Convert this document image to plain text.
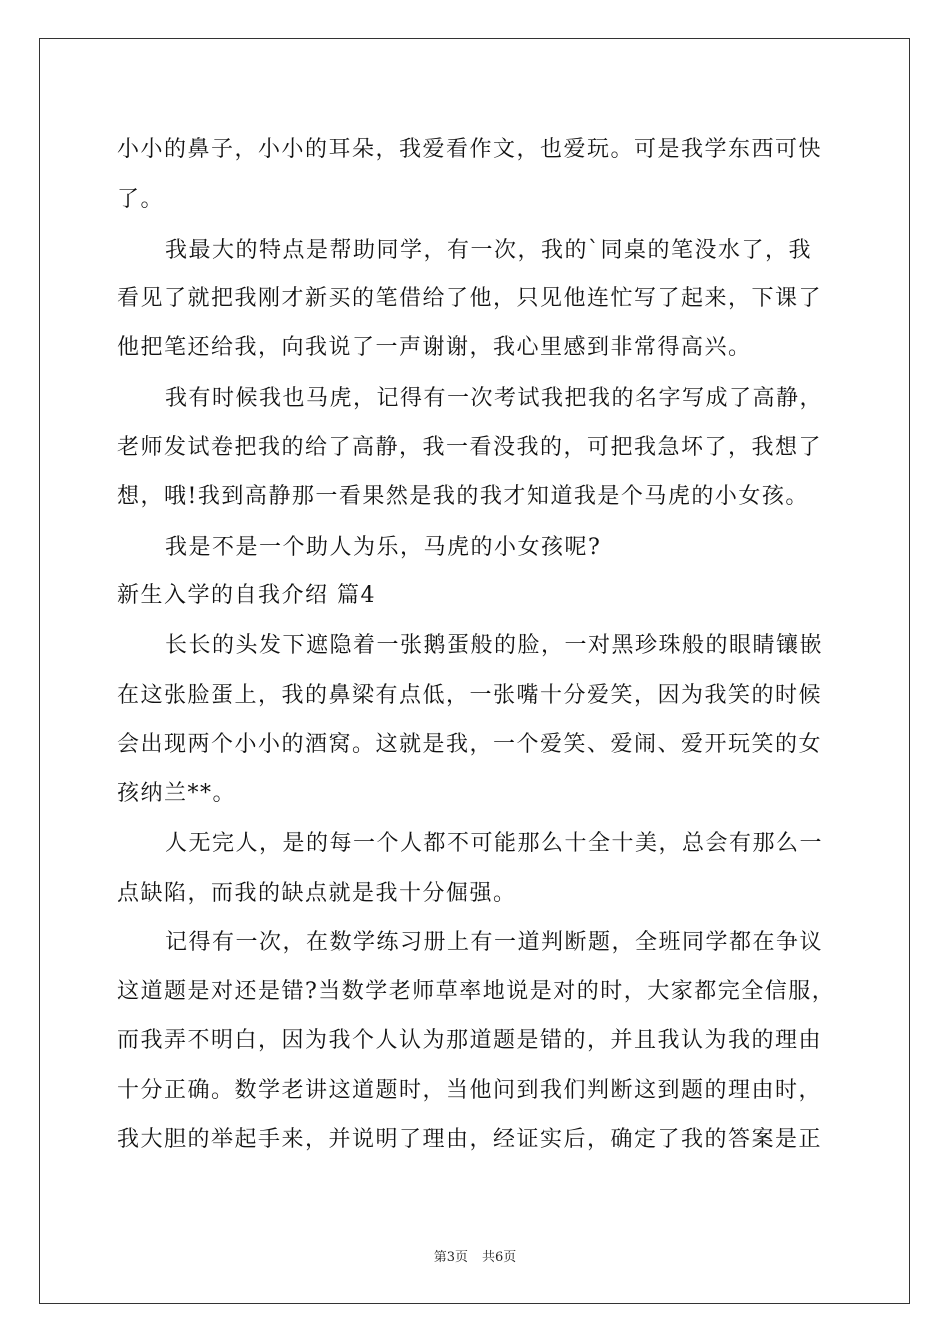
小小的鼻子，小小的耳朵，我爱看作文，也爱玩。可是我学东西可快
了。
我最大的特点是帮助同学，有一次，我的`同桌的笔没水了，我
看见了就把我刚才新买的笔借给了他，只见他连忙写了起来，下课了
他把笔还给我，向我说了一声谢谢，我心里感到非常得高兴。
我有时候我也马虎，记得有一次考试我把我的名字写成了高静，
老师发试卷把我的给了高静，我一看没我的，可把我急坏了，我想了
想，哦!我到高静那一看果然是我的我才知道我是个马虎的小女孩。
我是不是一个助人为乐，马虎的小女孩呢?
新生入学的自我介绍 篇4
长长的头发下遮隐着一张鹅蛋般的脸，一对黑珍珠般的眼睛镶嵌
在这张脸蛋上，我的鼻梁有点低，一张嘴十分爱笑，因为我笑的时候
会出现两个小小的酒窝。这就是我，一个爱笑、爱闹、爱开玩笑的女
孩纳兰**。
人无完人，是的每一个人都不可能那么十全十美，总会有那么一
点缺陷，而我的缺点就是我十分倔强。
记得有一次，在数学练习册上有一道判断题，全班同学都在争议
这道题是对还是错?当数学老师草率地说是对的时，大家都完全信服，
而我弄不明白，因为我个人认为那道题是错的，并且我认为我的理由
十分正确。数学老讲这道题时，当他问到我们判断这到题的理由时，
我大胆的举起手来，并说明了理由，经证实后，确定了我的答案是正
第3页 共6页
